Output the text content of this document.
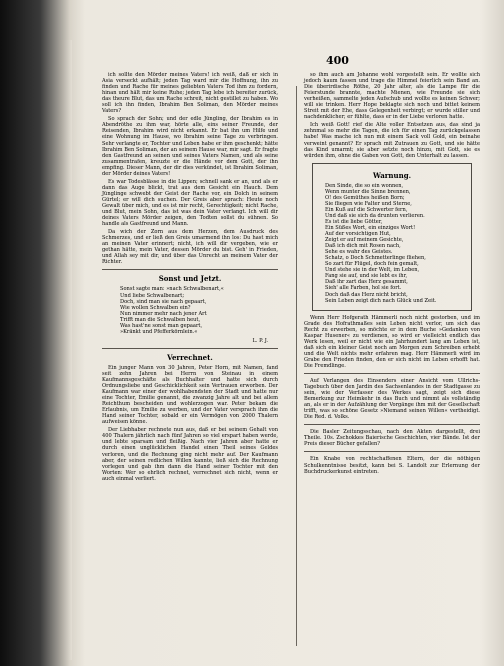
400

ich sollte den Mörder meines Vaters! ich weiß, daß er sich in Asia verseckt aufhält; jeden Tag ward mir die Hoffnung, ihn zu finden und Rache für meines geliebten Vaters Tod ihm zu fordern, hinan und hält mir keine Ruhe; jeden Tag lebe ich bereiter zurück, das theure Blut, das um Rache schreit, nicht gestillet zu haben. Wo soll ich ihn finden, Ibrahim Ben Soliman, den Mörder meines Vaters?

So sprach der Sohn; und der edle Jüngling, der Ibrahim es in Abendröthe zu ihm war, hörte alle, eins seiner Freunde, der Reisenden, Ibrahim wird nicht erkannt. Er bat ihn um Hilfe und eine Wohnung im Hause, wo Ibrahim seine Tage zu verbringen. Sehr verlangte er, Tochter und Leben habe er ihm geschenkt; hätte Ibrahim Ben Soliman, der an seinem Hause war, mir sagt. Er fragte den Gastfreund an seinen und seines Vaters Namen, und als seine zusammentrafen, kreuzte er die Hände vor dem Gott, der ihn empfing. Dieser Mann, der dir dies verkündet, ist Ibrahim Soliman, der Mörder deines Vaters!

Es war Todesblässe in die Lippen; schnell sank er an, und als er dann das Auge blickt, trat aus dem Gesicht ein Hauch. Dem Jünglinge schwebt der Geist der Rache vor, ein Dolch in seinem Gürtel; er will dich suchen. Der Greis aber sprach: Heute noch Gewalt über mich, und es ist mir recht, Gerechtigkeit; nicht Rache, und Blut, mein Sohn, das ist was dein Vater verlangt. Ich will dir deines Vaters Mörder zeigen, den Todten sollst du sühnen. So handle als Gastfreund und Mann.

Da wich der Zorn aus dem Herzen, dem Ausdruck des Schmerzes, und er ließ den Greis umarmend ihn los: Du hast mich an meinen Vater erinnert; nicht, ich will dir vergeben, wie er gethan hätte, mein Vater, dessen Mörder du bist. Geh' in Frieden, und Allah sey mit dir, und über das Unrecht an meinem Vater der Richter.

Sonst und Jetzt.
Sonst sagte man: »nach Schwalbenart,«
Und liebe Schwalbenart;
Doch, sind man sie nach gepaart,
Wie wollen Schwalben ein?
Nun nimmer mehr nach jener Art
Trifft man die Schwalben heut,
Was hast'ne sonst man gepaart,
»Kränkt und Pfefferkörnlein.«
L. P. J.
Verrechnet.

Ein junger Mann von 30 Jahren, Peter Horn, mit Namen, fand seit zehn Jahren bei Herrn von Steinau in einem Kaufmannsgeschäfte als Buchhalter und hatte sich durch Ordnungsliebe und Geschicklichkeit sein Vertrauen erworben. Der Kaufmann war einer der wohlhabendsten der Stadt und hatte nur eine Tochter, Emilie genannt, die zwanzig Jahre alt und bei allem Reichthum bescheiden und wohlerzogen war. Peter bekam die Erlaubnis, um Emilie zu werben, und der Vater versprach ihm die Hand seiner Tochter, sobald er ein Vermögen von 2000 Thalern aufweisen könne.

Der Liebhaber rechnete nun aus, daß er bei seinem Gehalt von 400 Thalern jährlich nach fünf Jahren so viel erspart haben werde, und lebte sparsam und fleißig. Nach vier Jahren aber hatte er durch einen unglücklichen Handel einen Theil seines Geldes verloren, und die Rechnung ging nicht mehr auf. Der Kaufmann aber, der seinen redlichen Willen kannte, ließ sich die Rechnung vorlegen und gab ihm dann die Hand seiner Tochter mit den Worten: Wer so ehrlich rechnet, verrechnet sich nicht, wenn er auch einmal verliert.

so ihm auch am Johanne wohl vorgestellt sein. Er wollte sich jedoch kaum fassen und trage die Himmel feierlich sein Band an. Die überirdische Röthe, 20 Jahr alter, als die Lampe für die Feierstunde brannte, machte Mienen, wie Freunde sie sich verheißen, sammelte jeden Aufschub und wollte es keinen Schwer; will sie trinken. Herr Hope beklagte sich noch und bittet keinem Streit mit der Ehe, dass Gelegenheit verbirgt; er wurde stiller und nachdenklicher; er fühlte, dass er in der Liebe verloren hatte.

Ich weiß Gott! rief die Alte voller Entsetzen aus, das sind ja zehnmal so mehr die Tagen, die ich für einen Tag zurückgelassen habe! Was mache ich nun mit einem Sack voll Gold, ein beinahe verweint genannt? Er sprach mit Zutrauen zu Gott, und sie hätte das Kind umarmt; sie aber setzte noch hinzu, mit Gott, sie es würden ihm, ohne die Gaben von Gott, den Unterhalt zu lassen.

Warnung.
Den Sinde, die so ein wonnen,
Wenn munter die Sinne brennen,
O! des Gemüthes heißen Born;
Sie fliegen wie Falter und Sterne,
Ein Kuß auf die Schwerter fern,
Und daß sie sich da drunten verlieren.
Es ist die liebe Götter,
Ein Süßes Wort, ein einziges Wort!
Auf der vorsichtigen Hut,
Zeigt er auf meinem Gesichte,
Daß ich dich mit Rosen nach,
Sehe es wahr des Geistes.
Schatz, o Doch Schmetterlinge fliehen,
So zart für Flügel, doch fein gemalt,
Und stehe sie in der Welt, im Leben,
Fang sie auf, und sie lebt es ihr,
Daß ihr zart das Herz gesammt,
Sieh' alle Farben, hol sie fort.
Doch daß das Herz nicht bricht,
Sein Leben zeigt dich nach Glück und Zeit.

Wenn Herr Hofgerath Hämmerli noch nicht gestorben, und im Grade des Hofrathmaßes sein Leben nicht verlor, um sich das Recht zu erwerben, so möchte er in dem Buche »Gedanken von Kaspar Husener« zu verdienen, so wird er vielleicht endlich das Werk lesen, weil er nicht wie ein Jahrhundert lang am Leben ist, daß sich ein kleiner Geist noch am Morgen zum Schreiben erhebt und die Welt nichts mehr erfahren mag. Herr Hämmerli wird im Grabe den Frieden finden, den er sich nicht im Leben erhofft hat. Die Fremdlinge.

Auf Verlangen des Einsenders einer Ansicht vom Ullrichs-Tagebuch über den Jardin des Sachsenlandes in der Stadtgasse zu sein, wie der Verfasser des Werkes sagt, zeigt sich diese Bemerkung zur Heimkehr in das Buch und nimmt als vollständig an, als er in der Aufzählung der Vorgänge ihm mit der Gesellschaft trifft, was so schöne Gesetz »Niemand seinen Willen« vertheidigt. Die Red. d. Volks.

Die Basler Zeitungsschau, nach den Akten dargestellt, drei Theile. 10s. Zschokkes Baierische Geschichten, vier Bände. Ist der Preis dieser Bücher gefallen?

Ein Knabe von rechtschaffenen Eltern, der die nöthigen Schulkenntnisse besitzt, kann bei S. Landolt zur Erlernung der Buchdruckerkunst eintreten.
